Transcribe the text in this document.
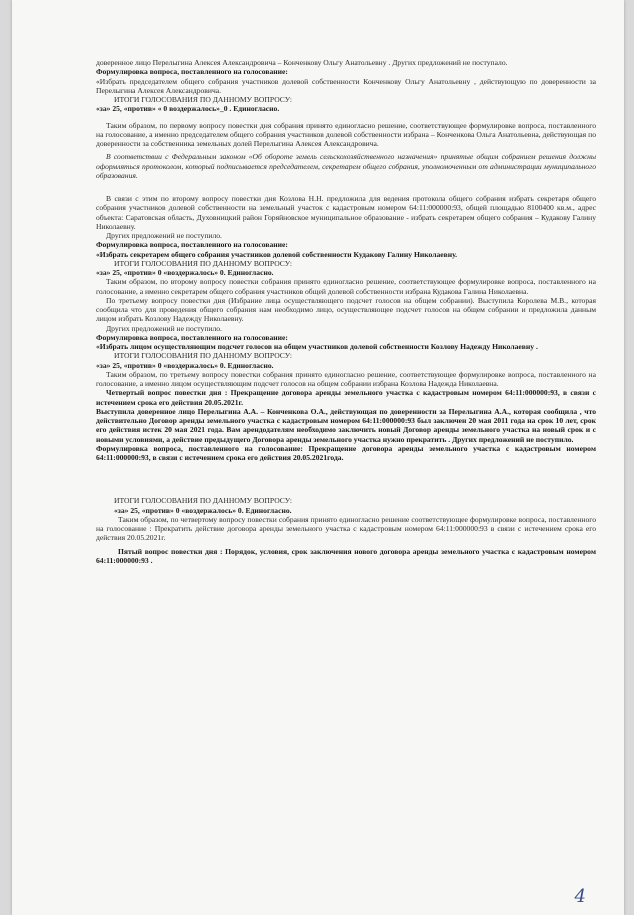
доверенное лицо Перелыгина Алексея Александровича – Конченкову Ольгу Анатольевну . Других предложений не поступало.

Формулировка вопроса, поставленного на голосование:

«Избрать председателем общего собрания участников долевой собственности Конченкову Ольгу Анатольевну , действующую по доверенности за Перелыгина Алексея Александровича.

ИТОГИ ГОЛОСОВАНИЯ ПО ДАННОМУ ВОПРОСУ:

«за» 25, «против» « 0 воздержалось»_0 . Единогласно.

Таким образом, по первому вопросу повестки дня собрания принято единогласно решение, соответствующее формулировке вопроса, поставленного на голосование, а именно председателем общего собрания участников долевой собственности избрана – Конченкова Ольга Анатольевна, действующая по доверенности за собственника земельных долей Перелыгина Алексея Александровича.

В соответствии с Федеральным законом «Об обороте земель сельскохозяйственного назначения» принятые общим собранием решения должны оформляться протоколом, который подписывается председателем, секретарем общего собрания, уполномоченным от администрации муниципального образования.

В связи с этим по второму вопросу повестки дня Козлова Н.Н. предложила для ведения протокола общего собрания избрать секретаря общего собрания участников долевой собственности на земельный участок с кадастровым номером 64:11:000000:93, общей площадью 8100400 кв.м., адрес объекта: Саратовская область, Духовницкий район Горяйновское муниципальное образование - избрать секретарем общего собрания – Кудакову Галину Николаевну.

Других предложений не поступило.

Формулировка вопроса, поставленного на голосование:

«Избрать секретарем общего собрания участников долевой собственности Кудакову Галину Николаевну.

ИТОГИ ГОЛОСОВАНИЯ ПО ДАННОМУ ВОПРОСУ:

«за» 25, «против» 0 «воздержалось» 0. Единогласно.

Таким образом, по второму вопросу повестки собрания принято единогласно решение, соответствующее формулировке вопроса, поставленного на голосование, а именно секретарем общего собрания участников общей долевой собственности избрана Кудакова Галина Николаевна.

По третьему вопросу повестки дня (Избрание лица осуществляющего подсчет голосов на общем собрании). Выступила Королева М.В., которая сообщила что для проведения общего собрания нам необходимо лицо, осуществляющее подсчет голосов на общем собрании и предложила данным лицом избрать Козлову Надежду Николаевну.

Других предложений не поступило.

Формулировка вопроса, поставленного на голосование:

«Избрать лицом осуществляющим подсчет голосов на общем участников долевой собственности Козлову Надежду Николаевну .

ИТОГИ ГОЛОСОВАНИЯ ПО ДАННОМУ ВОПРОСУ:

«за» 25, «против» 0 «воздержалось» 0. Единогласно.

Таким образом, по третьему вопросу повестки собрания принято единогласно решение, соответствующее формулировке вопроса, поставленного на голосование, а именно лицом осуществляющим подсчет голосов на общем собрании избрана Козлова Надежда Николаевна.

Четвертый вопрос повестки дня : Прекращение договора аренды земельного участка с кадастровым номером 64:11:000000:93, в связи с истечением срока его действия 20.05.2021г.

Выступила доверенное лицо Перелыгина А.А. – Конченкова О.А., действующая по доверенности за Перелыгина А.А., которая сообщила , что действительно Договор аренды земельного участка с кадастровым номером 64:11:000000:93 был заключен 20 мая 2011 года на срок 10 лет, срок его действия истек 20 мая 2021 года. Вам арендодателям необходимо заключить новый Договор аренды земельного участка на новый срок и с новыми условиями, а действие предыдущего Договора аренды земельного участка нужно прекратить . Других предложений не поступило.

Формулировка вопроса, поставленного на голосование: Прекращение договора аренды земельного участка с кадастровым номером 64:11:000000:93, в связи с истечением срока его действия 20.05.2021года.

ИТОГИ ГОЛОСОВАНИЯ ПО ДАННОМУ ВОПРОСУ:

«за» 25, «против» 0 «воздержалось» 0. Единогласно.

Таким образом, по четвертому вопросу повестки собрания принято единогласно решение соответствующее формулировке вопроса, поставленного на голосование : Прекратить действие договора аренды земельного участка с кадастровым номером 64:11:000000:93 в связи с истечением срока его действия 20.05.2021г.

Пятый вопрос повестки дня : Порядок, условия, срок заключения нового договора аренды земельного участка с кадастровым номером 64:11:000000:93 .

4
